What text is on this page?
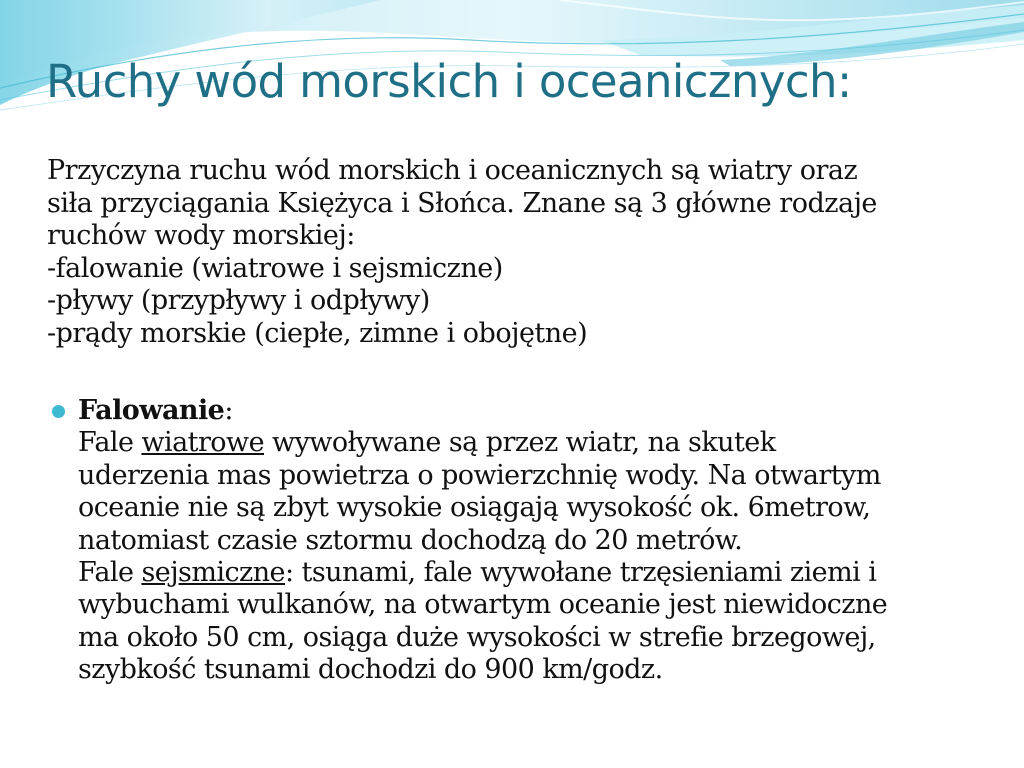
Ruchy wód morskich i oceanicznych:

Przyczyna ruchu wód morskich i oceanicznych są wiatry oraz
siła przyciągania Księżyca i Słońca. Znane są 3 główne rodzaje
ruchów wody morskiej:
-falowanie (wiatrowe i sejsmiczne)
-pływy (przypływy i odpływy)
-prądy morskie (ciepłe, zimne i obojętne)

Falowanie:
Fale wiatrowe wywoływane są przez wiatr, na skutek
uderzenia mas powietrza o powierzchnię wody. Na otwartym
oceanie nie są zbyt wysokie osiągają wysokość ok. 6metrow,
natomiast czasie sztormu dochodzą do 20 metrów.
Fale sejsmiczne: tsunami, fale wywołane trzęsieniami ziemi i
wybuchami wulkanów, na otwartym oceanie jest niewidoczne
ma około 50 cm, osiąga duże wysokości w strefie brzegowej,
szybkość tsunami dochodzi do 900 km/godz.
